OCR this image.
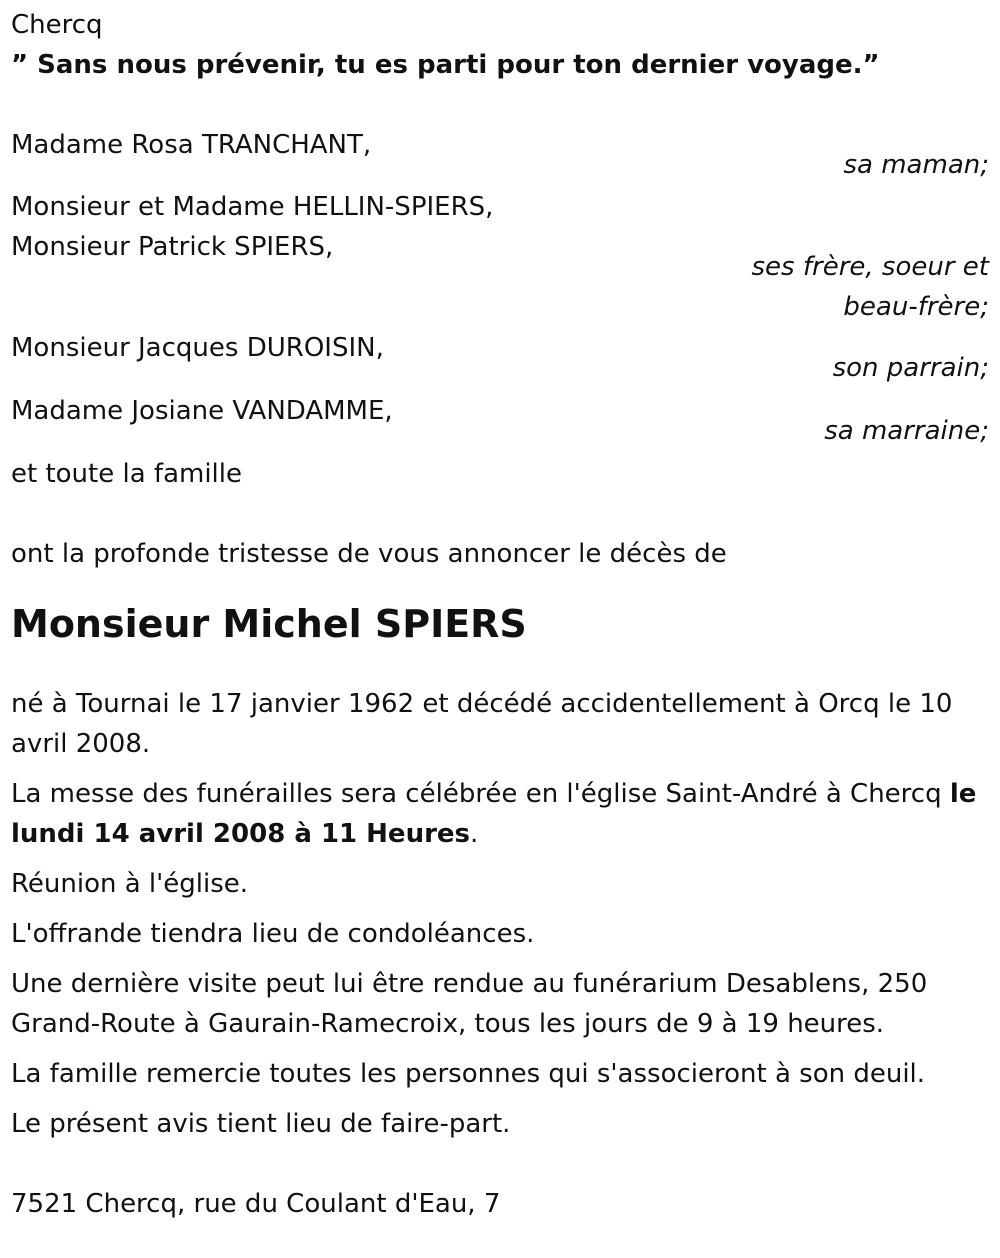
Chercq

” Sans nous prévenir, tu es parti pour ton dernier voyage.”

Madame Rosa TRANCHANT,

sa maman;

Monsieur et Madame HELLIN-SPIERS,

Monsieur Patrick SPIERS,

ses frère, soeur et

beau-frère;

Monsieur Jacques DUROISIN,

son parrain;

Madame Josiane VANDAMME,

sa marraine;

et toute la famille

ont la profonde tristesse de vous annoncer le décès de

Monsieur Michel SPIERS

né à Tournai le 17 janvier 1962 et décédé accidentellement à Orcq le 10 avril 2008.

La messe des funérailles sera célébrée en l'église Saint-André à Chercq le lundi 14 avril 2008 à 11 Heures.

Réunion à l'église.

L'offrande tiendra lieu de condoléances.

Une dernière visite peut lui être rendue au funérarium Desablens, 250 Grand-Route à Gaurain-Ramecroix, tous les jours de 9 à 19 heures.

La famille remercie toutes les personnes qui s'associeront à son deuil.

Le présent avis tient lieu de faire-part.

7521 Chercq, rue du Coulant d'Eau, 7
